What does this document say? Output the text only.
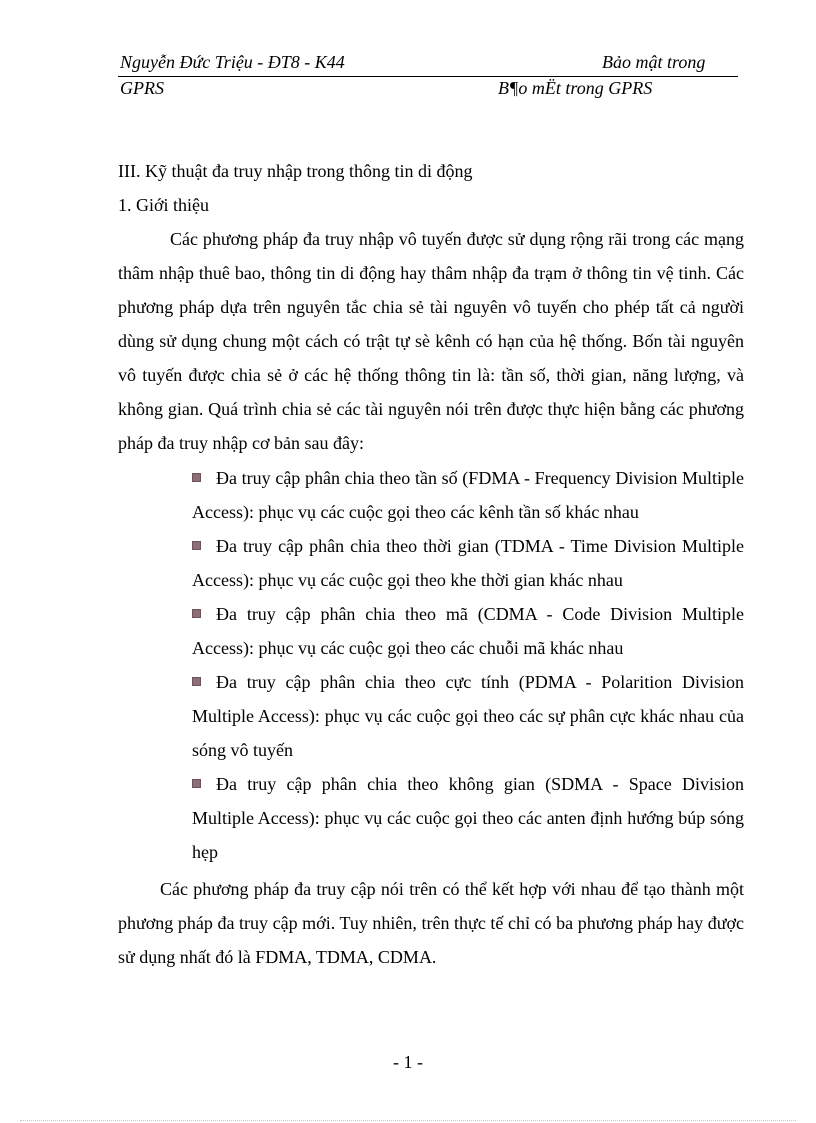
Nguyễn Đức Triệu - ĐT8 - K44	Bảo mật trong
GPRS	B¶o mËt trong GPRS
III. Kỹ thuật đa truy nhập trong thông tin di động
1. Giới thiệu

Các phương pháp đa truy nhập vô tuyến được sử dụng rộng rãi trong các mạng thâm nhập thuê bao, thông tin di động hay thâm nhập đa trạm ở thông tin vệ tinh. Các phương pháp dựa trên nguyên tắc chia sẻ tài nguyên vô tuyến cho phép tất cả người dùng sử dụng chung một cách có trật tự sè kênh có hạn của hệ thống. Bốn tài nguyên vô tuyến được chia sẻ ở các hệ thống thông tin là: tần số, thời gian, năng lượng, và không gian. Quá trình chia sẻ các tài nguyên nói trên được thực hiện bằng các phương pháp đa truy nhập cơ bản sau đây:

Đa truy cập phân chia theo tần số (FDMA - Frequency Division Multiple Access): phục vụ các cuộc gọi theo các kênh tần số khác nhau
Đa truy cập phân chia theo thời gian (TDMA - Time Division Multiple Access): phục vụ các cuộc gọi theo khe thời gian khác nhau
Đa truy cập phân chia theo mã (CDMA - Code Division Multiple Access): phục vụ các cuộc gọi theo các chuỗi mã khác nhau
Đa truy cập phân chia theo cực tính (PDMA - Polarition Division Multiple Access): phục vụ các cuộc gọi theo các sự phân cực khác nhau của sóng vô tuyến
Đa truy cập phân chia theo không gian (SDMA - Space Division Multiple Access): phục vụ các cuộc gọi theo các anten định hướng búp sóng hẹp

Các phương pháp đa truy cập nói trên có thể kết hợp với nhau để tạo thành một phương pháp đa truy cập mới. Tuy nhiên, trên thực tế chỉ có ba phương pháp hay được sử dụng nhất đó là FDMA, TDMA, CDMA.

- 1 -
